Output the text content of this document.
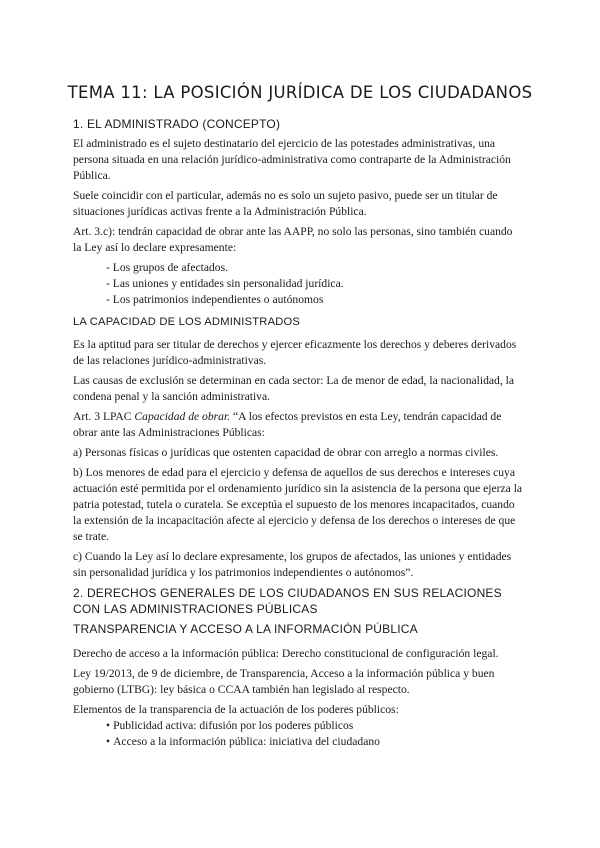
TEMA 11: LA POSICIÓN JURÍDICA DE LOS CIUDADANOS
1. EL ADMINISTRADO (CONCEPTO)

El administrado es el sujeto destinatario del ejercicio de las potestades administrativas, una persona situada en una relación jurídico-administrativa como contraparte de la Administración Pública.

Suele coincidir con el particular, además no es solo un sujeto pasivo, puede ser un titular de situaciones jurídicas activas frente a la Administración Pública.

Art. 3.c): tendrán capacidad de obrar ante las AAPP, no solo las personas, sino también cuando la Ley así lo declare expresamente:

- Los grupos de afectados.
- Las uniones y entidades sin personalidad jurídica.
- Los patrimonios independientes o autónomos
LA CAPACIDAD DE LOS ADMINISTRADOS

Es la aptitud para ser titular de derechos y ejercer eficazmente los derechos y deberes derivados de las relaciones jurídico-administrativas.

Las causas de exclusión se determinan en cada sector: La de menor de edad, la nacionalidad, la condena penal y la sanción administrativa.

Art. 3 LPAC Capacidad de obrar. “A los efectos previstos en esta Ley, tendrán capacidad de obrar ante las Administraciones Públicas:

a) Personas físicas o jurídicas que ostenten capacidad de obrar con arreglo a normas civiles.

b) Los menores de edad para el ejercicio y defensa de aquellos de sus derechos e intereses cuya actuación esté permitida por el ordenamiento jurídico sin la asistencia de la persona que ejerza la patria potestad, tutela o curatela. Se exceptúa el supuesto de los menores incapacitados, cuando la extensión de la incapacitación afecte al ejercicio y defensa de los derechos o intereses de que se trate.

c) Cuando la Ley así lo declare expresamente, los grupos de afectados, las uniones y entidades sin personalidad jurídica y los patrimonios independientes o autónomos”.

2. DERECHOS GENERALES DE LOS CIUDADANOS EN SUS RELACIONES CON LAS ADMINISTRACIONES PÚBLICAS
TRANSPARENCIA Y ACCESO A LA INFORMACIÓN PÚBLICA

Derecho de acceso a la información pública: Derecho constitucional de configuración legal.

Ley 19/2013, de 9 de diciembre, de Transparencia, Acceso a la información pública y buen gobierno (LTBG): ley básica o CCAA también han legislado al respecto.

Elementos de la transparencia de la actuación de los poderes públicos:

• Publicidad activa: difusión por los poderes públicos
• Acceso a la información pública: iniciativa del ciudadano
